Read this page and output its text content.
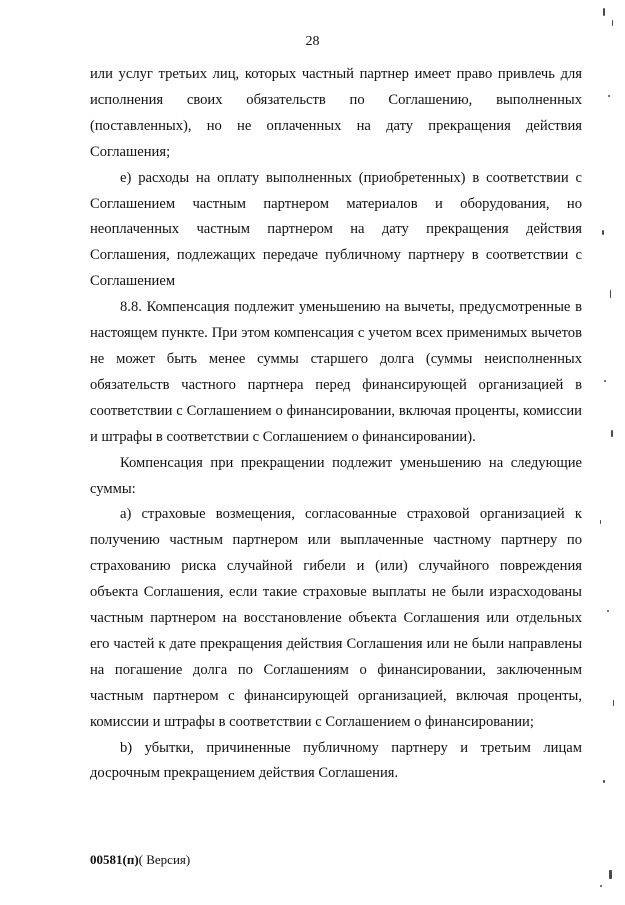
28

или услуг третьих лиц, которых частный партнер имеет право привлечь для исполнения своих обязательств по Соглашению, выполненных (поставленных), но не оплаченных на дату прекращения действия Соглашения;

е) расходы на оплату выполненных (приобретенных) в соответствии с Соглашением частным партнером материалов и оборудования, но неоплаченных частным партнером на дату прекращения действия Соглашения, подлежащих передаче публичному партнеру в соответствии с Соглашением

8.8. Компенсация подлежит уменьшению на вычеты, предусмотренные в настоящем пункте. При этом компенсация с учетом всех применимых вычетов не может быть менее суммы старшего долга (суммы неисполненных обязательств частного партнера перед финансирующей организацией в соответствии с Соглашением о финансировании, включая проценты, комиссии и штрафы в соответствии с Соглашением о финансировании).

Компенсация при прекращении подлежит уменьшению на следующие суммы:

а) страховые возмещения, согласованные страховой организацией к получению частным партнером или выплаченные частному партнеру по страхованию риска случайной гибели и (или) случайного повреждения объекта Соглашения, если такие страховые выплаты не были израсходованы частным партнером на восстановление объекта Соглашения или отдельных его частей к дате прекращения действия Соглашения или не были направлены на погашение долга по Соглашениям о финансировании, заключенным частным партнером с финансирующей организацией, включая проценты, комиссии и штрафы в соответствии с Соглашением о финансировании;

b) убытки, причиненные публичному партнеру и третьим лицам досрочным прекращением действия Соглашения.

00581(п)( Версия)
